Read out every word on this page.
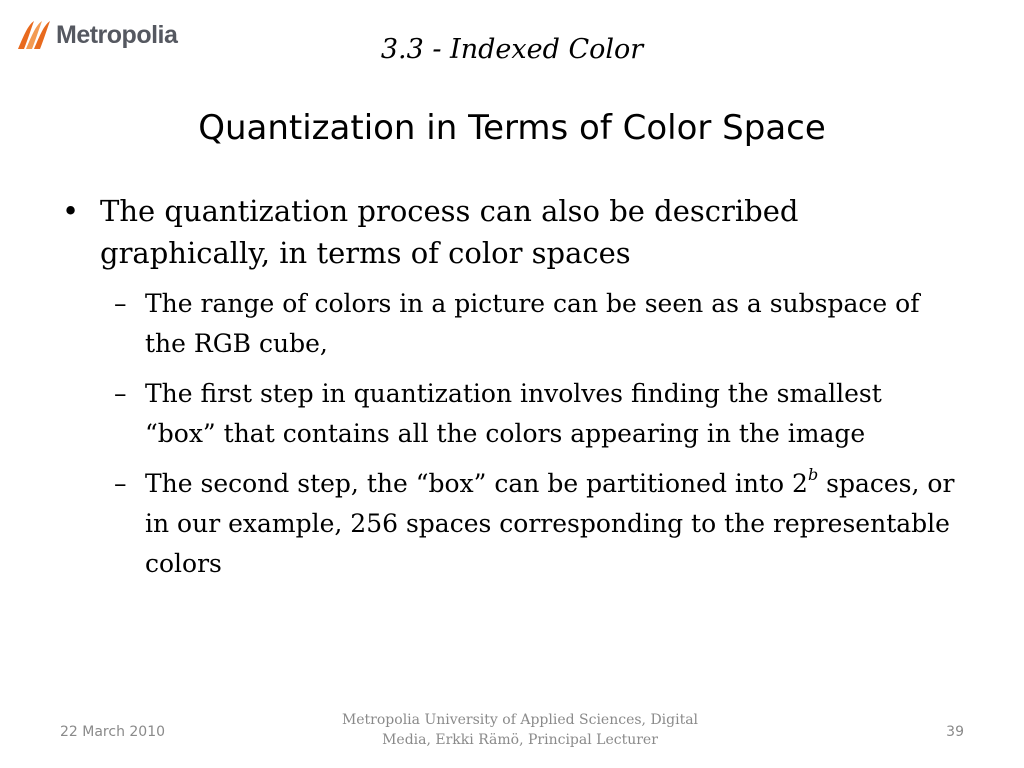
Metropolia	3.3 - Indexed Color
Quantization in Terms of Color Space
• The quantization process can also be described graphically, in terms of color spaces
– The range of colors in a picture can be seen as a subspace of the RGB cube,
– The first step in quantization involves finding the smallest “box” that contains all the colors appearing in the image
– The second step, the “box” can be partitioned into 2$^b$ spaces, or in our example, 256 spaces corresponding to the representable colors
22 March 2010
Metropolia University of Applied Sciences, Digital Media, Erkki Rämö, Principal Lecturer	39
